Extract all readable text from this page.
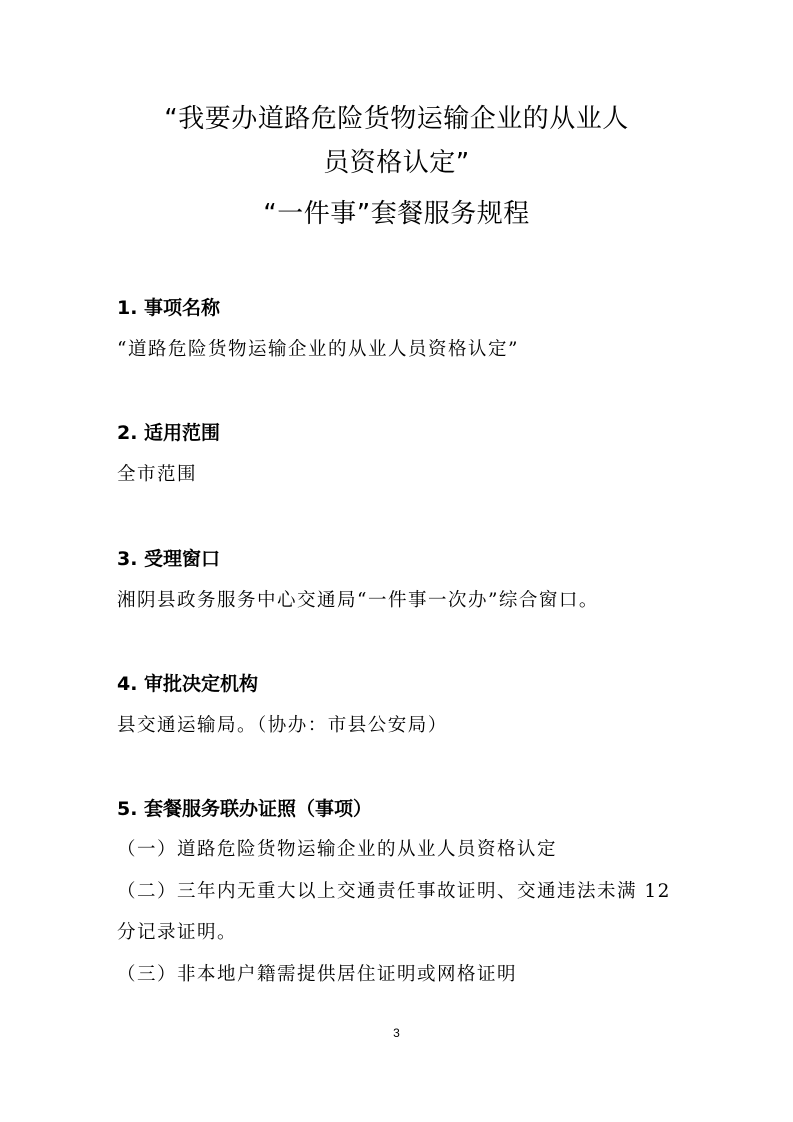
“我要办道路危险货物运输企业的从业人
员资格认定”
“一件事”套餐服务规程
1. 事项名称
“道路危险货物运输企业的从业人员资格认定”
2. 适用范围
全市范围
3. 受理窗口
湘阴县政务服务中心交通局“一件事一次办”综合窗口。
4. 审批决定机构
县交通运输局。（协办：市县公安局）
5. 套餐服务联办证照（事项）
（一）道路危险货物运输企业的从业人员资格认定
（二）三年内无重大以上交通责任事故证明、交通违法未满 12
分记录证明。
（三）非本地户籍需提供居住证明或网格证明
3
